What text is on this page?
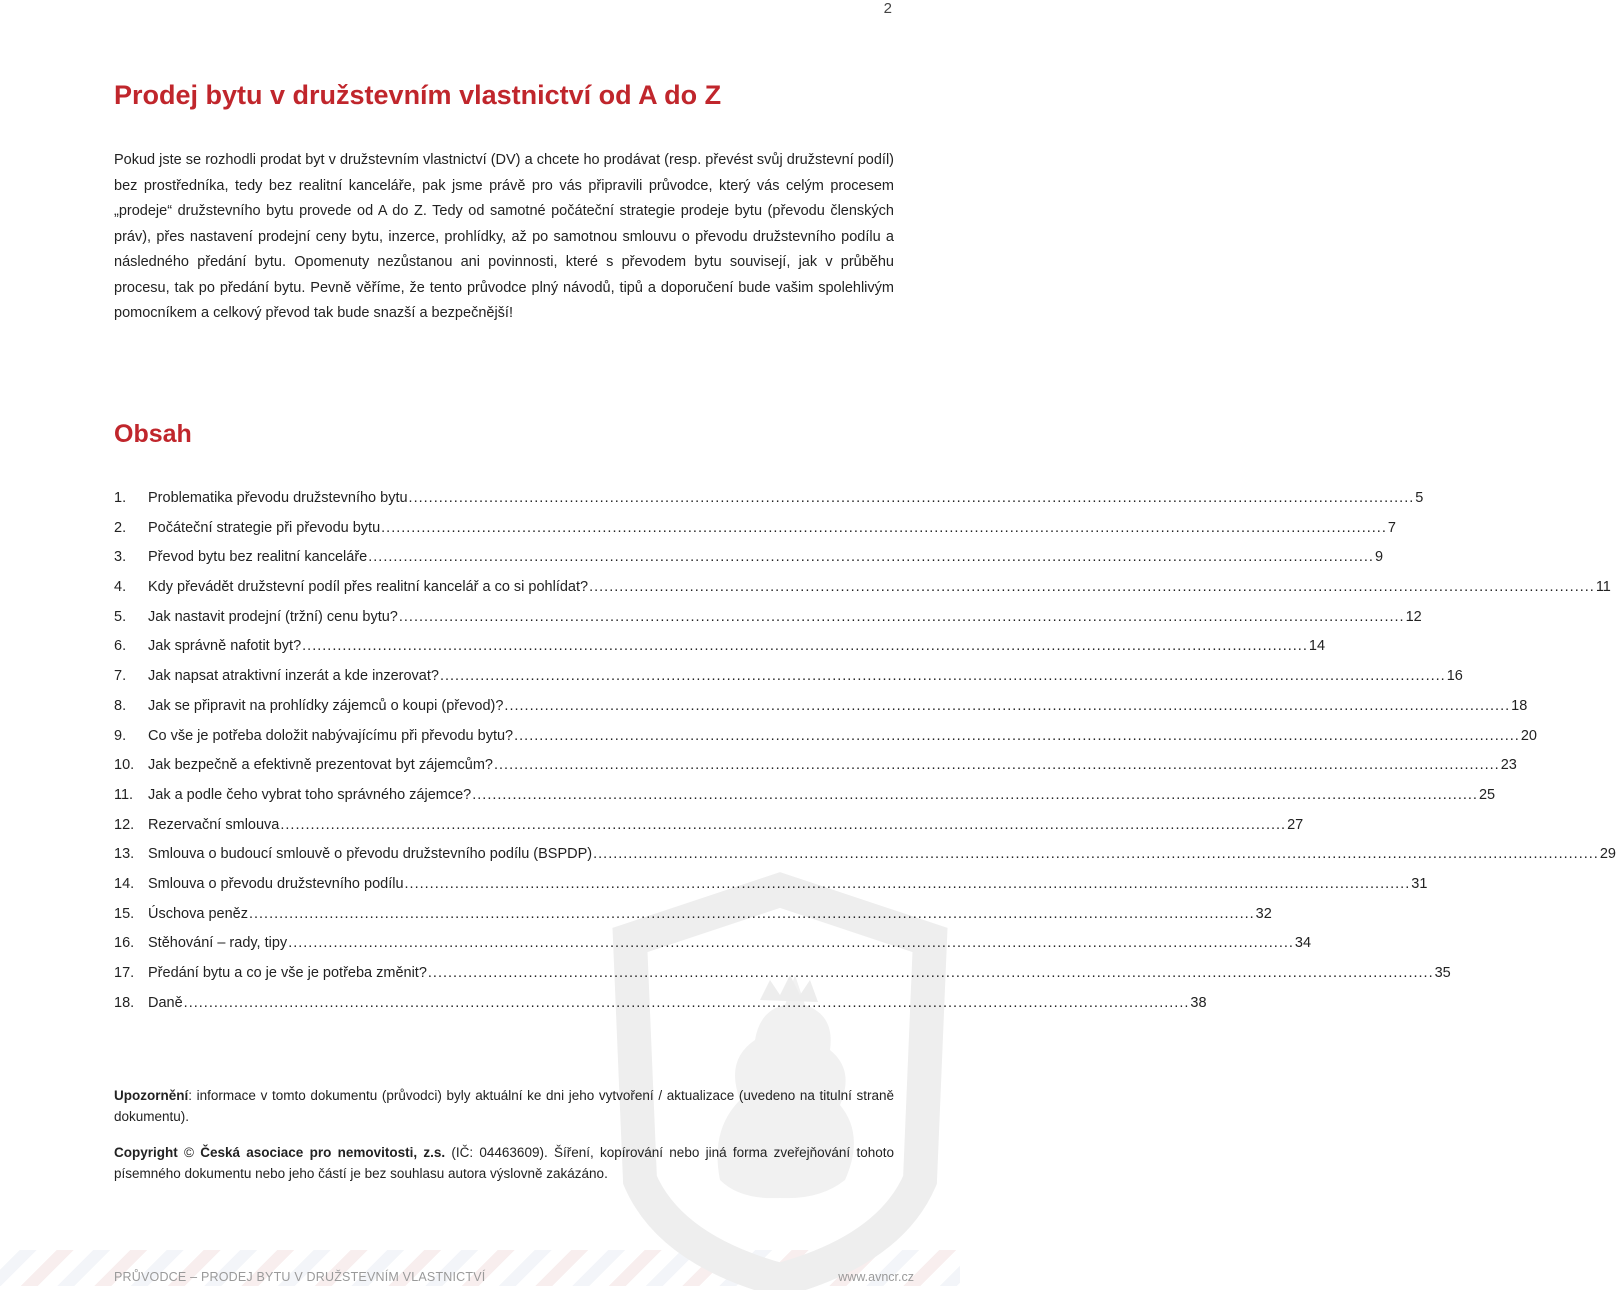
2
Prodej bytu v družstevním vlastnictví od A do Z

Pokud jste se rozhodli prodat byt v družstevním vlastnictví (DV) a chcete ho prodávat (resp. převést svůj družstevní podíl) bez prostředníka, tedy bez realitní kanceláře, pak jsme právě pro vás připravili průvodce, který vás celým procesem „prodeje“ družstevního bytu provede od A do Z. Tedy od samotné počáteční strategie prodeje bytu (převodu členských práv), přes nastavení prodejní ceny bytu, inzerce, prohlídky, až po samotnou smlouvu o převodu družstevního podílu a následného předání bytu. Opomenuty nezůstanou ani povinnosti, které s převodem bytu souvisejí, jak v průběhu procesu, tak po předání bytu. Pevně věříme, že tento průvodce plný návodů, tipů a doporučení bude vašim spolehlivým pomocníkem a celkový převod tak bude snazší a bezpečnější!

Obsah
1.	Problematika převodu družstevního bytu ........................................................................................................................................................................................................ 5
2.	Počáteční strategie při převodu bytu ........................................................................................................................................................................................................ 7
3.	Převod bytu bez realitní kanceláře ........................................................................................................................................................................................................ 9
4.	Kdy převádět družstevní podíl přes realitní kancelář a co si pohlídat? ........................................................................................................................................................................................................ 11
5.	Jak nastavit prodejní (tržní) cenu bytu? ........................................................................................................................................................................................................ 12
6.	Jak správně nafotit byt? ........................................................................................................................................................................................................ 14
7.	Jak napsat atraktivní inzerát a kde inzerovat? ........................................................................................................................................................................................................ 16
8.	Jak se připravit na prohlídky zájemců o koupi (převod)? ........................................................................................................................................................................................................ 18
9.	Co vše je potřeba doložit nabývajícímu při převodu bytu? ........................................................................................................................................................................................................ 20
10. Jak bezpečně a efektivně prezentovat byt zájemcům? ........................................................................................................................................................................................................ 23
11.	Jak a podle čeho vybrat toho správného zájemce? ........................................................................................................................................................................................................ 25
12. Rezervační smlouva ........................................................................................................................................................................................................ 27
13. Smlouva o budoucí smlouvě o převodu družstevního podílu (BSPDP) ........................................................................................................................................................................................................ 29
14. Smlouva o převodu družstevního podílu ........................................................................................................................................................................................................ 31
15. Úschova peněz ........................................................................................................................................................................................................ 32
16. Stěhování – rady, tipy ........................................................................................................................................................................................................ 34
17. Předání bytu a co je vše je potřeba změnit? ........................................................................................................................................................................................................ 35
18. Daně ........................................................................................................................................................................................................ 38

Upozornění: informace v tomto dokumentu (průvodci) byly aktuální ke dni jeho vytvoření / aktualizace (uvedeno na titulní straně dokumentu).

Copyright © Česká asociace pro nemovitosti, z.s. (IČ: 04463609). Šíření, kopírování nebo jiná forma zveřejňování tohoto písemného dokumentu nebo jeho částí je bez souhlasu autora výslovně zakázáno.

PRŮVODCE – PRODEJ BYTU V DRUŽSTEVNÍM VLASTNICTVÍ	www.avncr.cz
